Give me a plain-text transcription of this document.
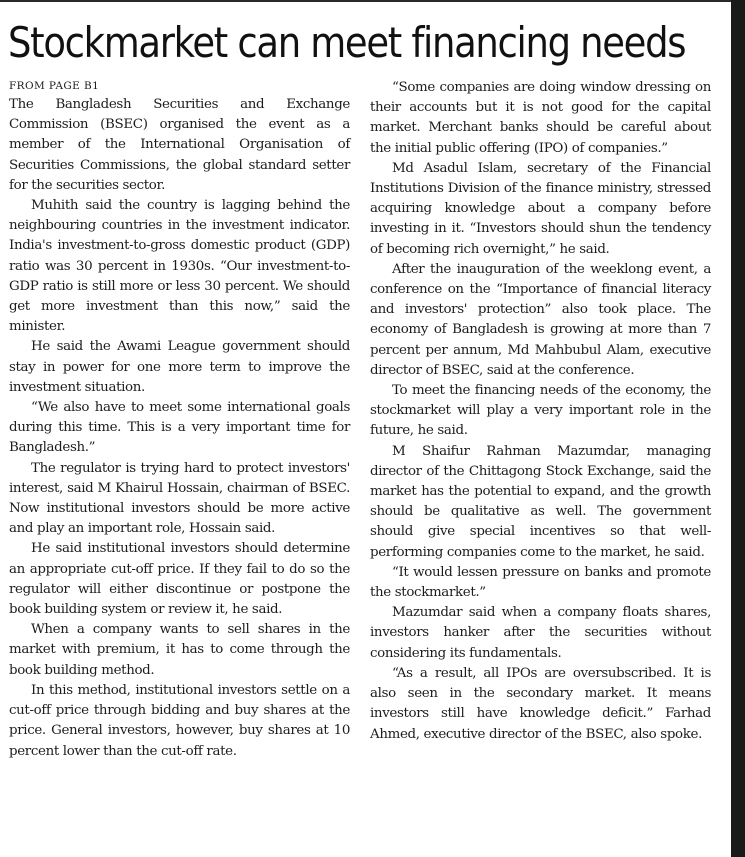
Stockmarket can meet financing needs
FROM PAGE B1

The Bangladesh Securities and Exchange Commission (BSEC) organised the event as a member of the International Organisation of Securities Commissions, the global standard setter for the securities sector.

Muhith said the country is lagging behind the neighbouring countries in the investment indicator. India's investment-to-gross domestic product (GDP) ratio was 30 percent in 1930s. “Our investment-to-GDP ratio is still more or less 30 percent. We should get more investment than this now,” said the minister.

He said the Awami League government should stay in power for one more term to improve the investment situation.

“We also have to meet some international goals during this time. This is a very important time for Bangladesh.”

The regulator is trying hard to protect investors' interest, said M Khairul Hossain, chairman of BSEC. Now institutional investors should be more active and play an important role, Hossain said.

He said institutional investors should determine an appropriate cut-off price. If they fail to do so the regulator will either discontinue or postpone the book building system or review it, he said.

When a company wants to sell shares in the market with premium, it has to come through the book building method.

In this method, institutional investors settle on a cut-off price through bidding and buy shares at the price. General investors, however, buy shares at 10 percent lower than the cut-off rate.

“Some companies are doing window dressing on their accounts but it is not good for the capital market. Merchant banks should be careful about the initial public offering (IPO) of companies.”

Md Asadul Islam, secretary of the Financial Institutions Division of the finance ministry, stressed acquiring knowledge about a company before investing in it. “Investors should shun the tendency of becoming rich overnight,” he said.

After the inauguration of the weeklong event, a conference on the “Importance of financial literacy and investors' protection” also took place. The economy of Bangladesh is growing at more than 7 percent per annum, Md Mahbubul Alam, executive director of BSEC, said at the conference.

To meet the financing needs of the economy, the stockmarket will play a very important role in the future, he said.

M Shaifur Rahman Mazumdar, managing director of the Chittagong Stock Exchange, said the market has the potential to expand, and the growth should be qualitative as well. The government should give special incentives so that well-performing companies come to the market, he said.

“It would lessen pressure on banks and promote the stockmarket.”

Mazumdar said when a company floats shares, investors hanker after the securities without considering its fundamentals.

“As a result, all IPOs are oversubscribed. It is also seen in the secondary market. It means investors still have knowledge deficit.” Farhad Ahmed, executive director of the BSEC, also spoke.
